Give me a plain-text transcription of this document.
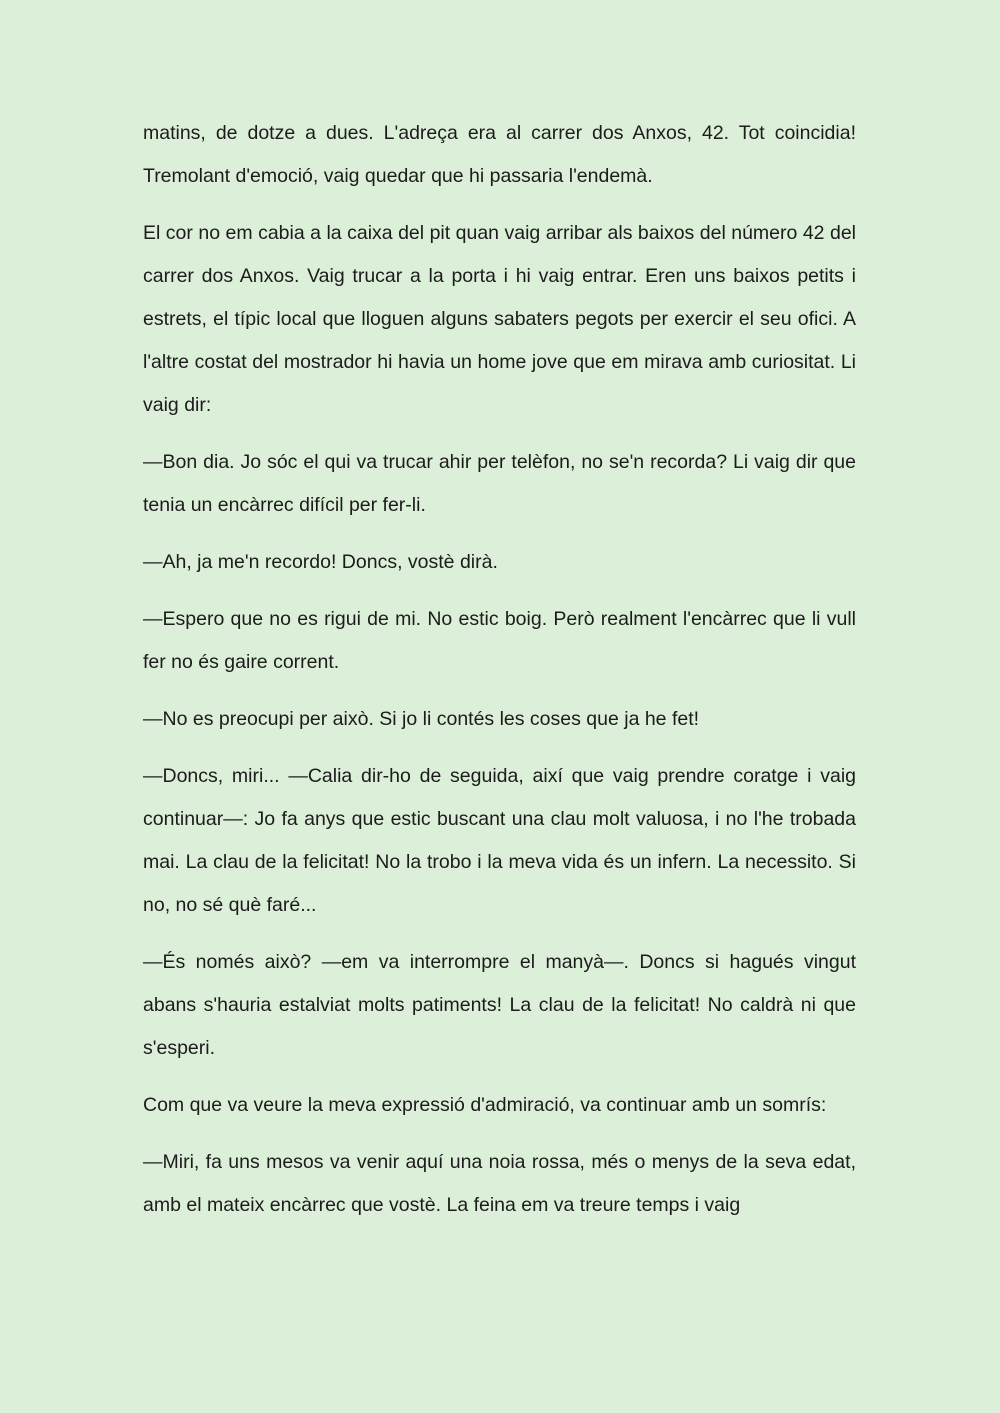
matins, de dotze a dues. L'adreça era al carrer dos Anxos, 42. Tot coincidia! Tremolant d'emoció, vaig quedar que hi passaria l'endemà.

El cor no em cabia a la caixa del pit quan vaig arribar als baixos del número 42 del carrer dos Anxos. Vaig trucar a la porta i hi vaig entrar. Eren uns baixos petits i estrets, el típic local que lloguen alguns sabaters pegots per exercir el seu ofici. A l'altre costat del mostrador hi havia un home jove que em mirava amb curiositat. Li vaig dir:

—Bon dia. Jo sóc el qui va trucar ahir per telèfon, no se'n recorda? Li vaig dir que tenia un encàrrec difícil per fer-li.

—Ah, ja me'n recordo! Doncs, vostè dirà.

—Espero que no es rigui de mi. No estic boig. Però realment l'encàrrec que li vull fer no és gaire corrent.

—No es preocupi per això. Si jo li contés les coses que ja he fet!

—Doncs, miri... —Calia dir-ho de seguida, així que vaig prendre coratge i vaig continuar—: Jo fa anys que estic buscant una clau molt valuosa, i no l'he trobada mai. La clau de la felicitat! No la trobo i la meva vida és un infern. La necessito. Si no, no sé què faré...

—És només això? —em va interrompre el manyà—. Doncs si hagués vingut abans s'hauria estalviat molts patiments! La clau de la felicitat! No caldrà ni que s'esperi.

Com que va veure la meva expressió d'admiració, va continuar amb un somrís:

—Miri, fa uns mesos va venir aquí una noia rossa, més o menys de la seva edat, amb el mateix encàrrec que vostè. La feina em va treure temps i vaig
